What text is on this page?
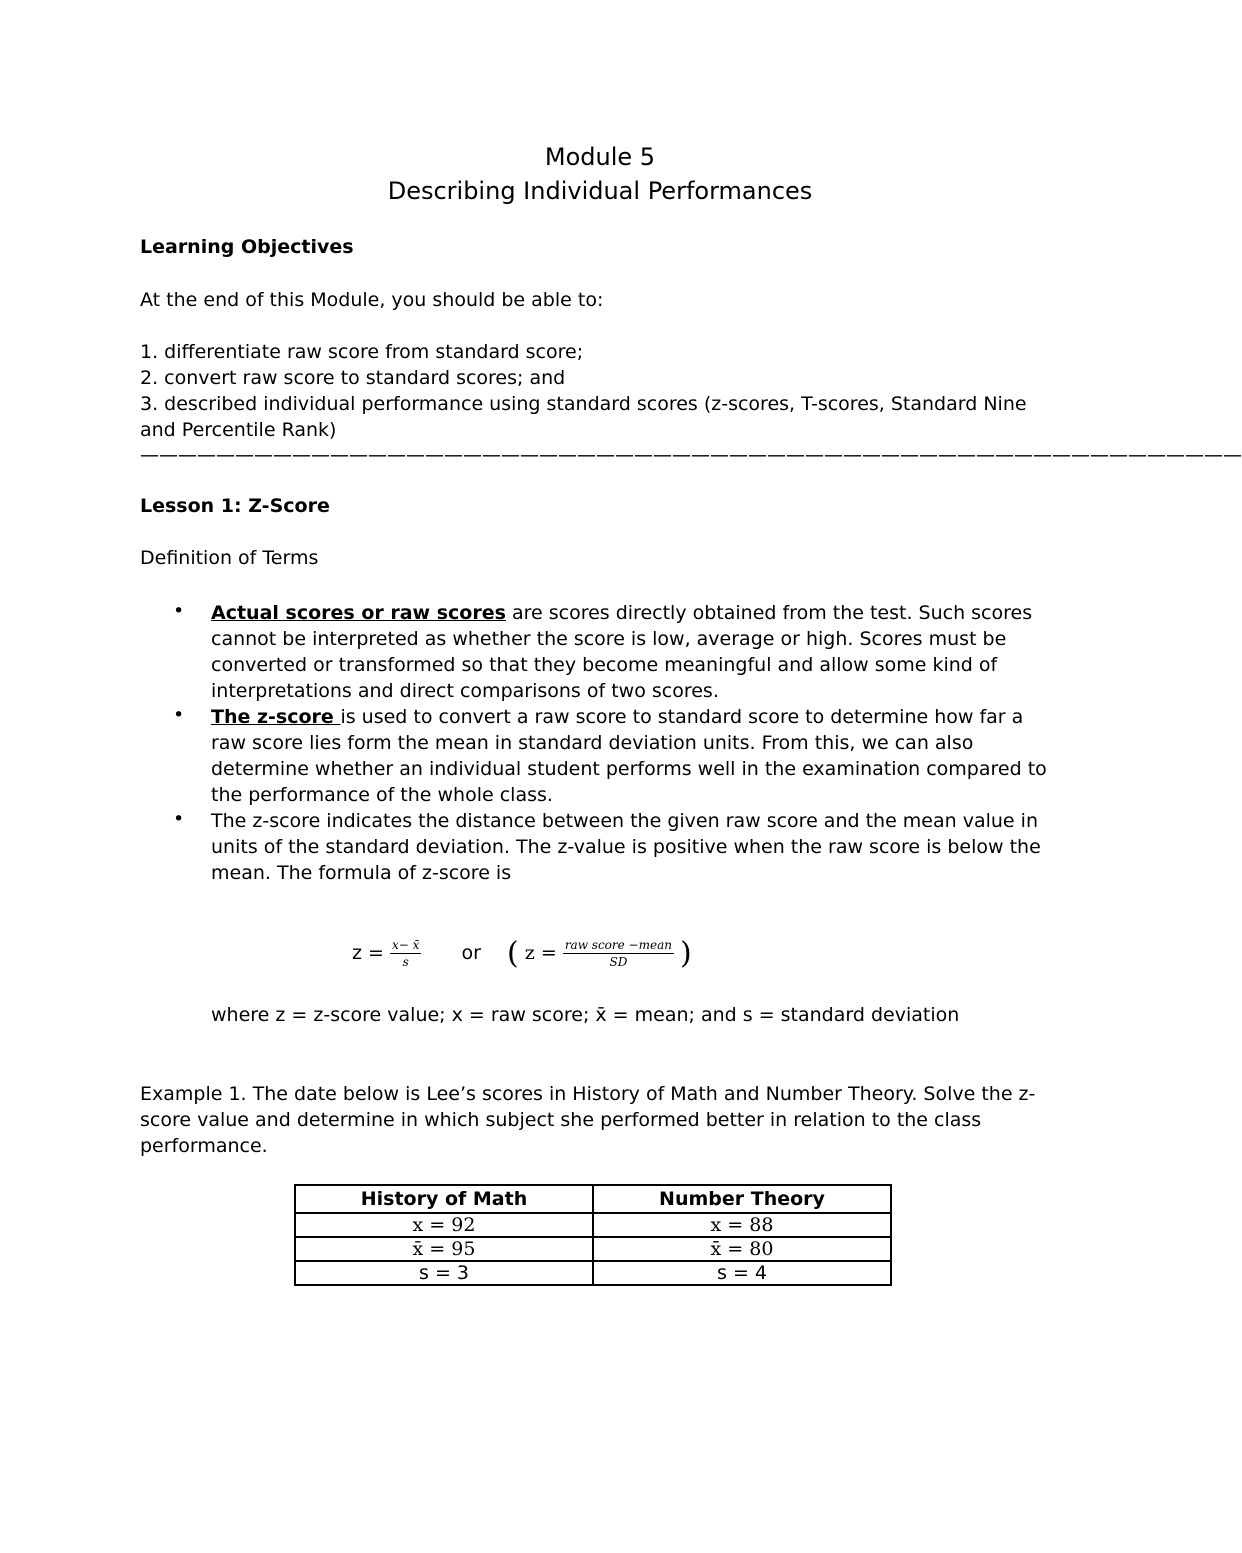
Module 5
Describing Individual Performances
Learning Objectives
At the end of this Module, you should be able to:
1. differentiate raw score from standard score;
2. convert raw score to standard scores; and
3. described individual performance using standard scores (z-scores, T-scores, Standard Nine
and Percentile Rank)
——————————————————————————————————————————————————————————
Lesson 1: Z-Score
Definition of Terms
• Actual scores or raw scores are scores directly obtained from the test. Such scores
cannot be interpreted as whether the score is low, average or high. Scores must be
converted or transformed so that they become meaningful and allow some kind of
interpretations and direct comparisons of two scores.
• The z-score is used to convert a raw score to standard score to determine how far a
raw score lies form the mean in standard deviation units. From this, we can also
determine whether an individual student performs well in the examination compared to
the performance of the whole class.
• The z-score indicates the distance between the given raw score and the mean value in
units of the standard deviation. The z-value is positive when the raw score is below the
mean. The formula of z-score is
$z = \frac{x- x̄}{s}$ or ( $z = \frac{\text{raw score −mean}}{SD}$ )
where z = z-score value; x = raw score; x̄ = mean; and s = standard deviation
Example 1. The date below is Lee’s scores in History of Math and Number Theory. Solve the z-
score value and determine in which subject she performed better in relation to the class
performance.
History of Math	Number Theory
x = 92	x = 88
x̄ = 95	x̄ = 80
s = 3	s = 4
